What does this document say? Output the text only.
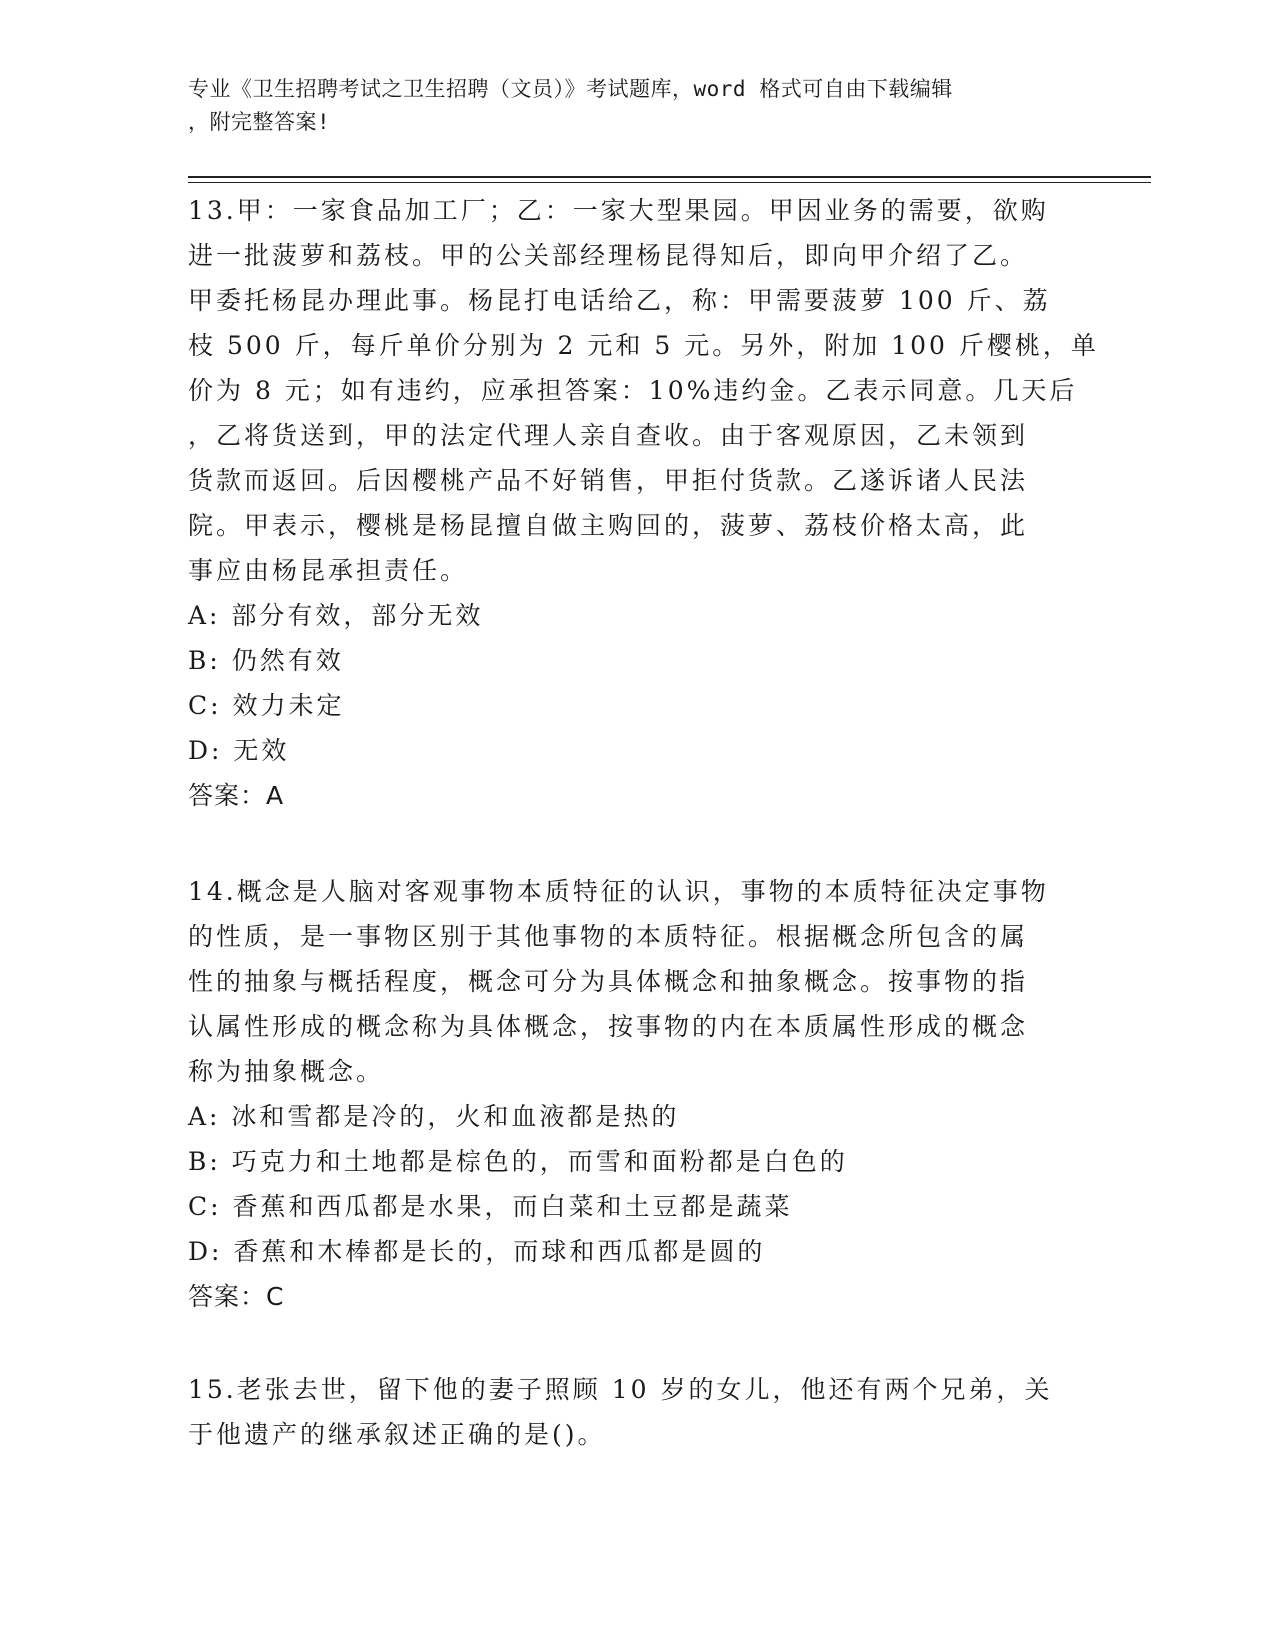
专业《卫生招聘考试之卫生招聘（文员）》考试题库，word 格式可自由下载编辑
，附完整答案!
13.甲：一家食品加工厂；乙：一家大型果园。甲因业务的需要，欲购
进一批菠萝和荔枝。甲的公关部经理杨昆得知后，即向甲介绍了乙。
甲委托杨昆办理此事。杨昆打电话给乙，称：甲需要菠萝 100 斤、荔
枝 500 斤，每斤单价分别为 2 元和 5 元。另外，附加 100 斤樱桃，单
价为 8 元；如有违约，应承担答案：10%违约金。乙表示同意。几天后
，乙将货送到，甲的法定代理人亲自查收。由于客观原因，乙未领到
货款而返回。后因樱桃产品不好销售，甲拒付货款。乙遂诉诸人民法
院。甲表示，樱桃是杨昆擅自做主购回的，菠萝、荔枝价格太高，此
事应由杨昆承担责任。
A: 部分有效，部分无效
B: 仍然有效
C: 效力未定
D: 无效
答案：A
14.概念是人脑对客观事物本质特征的认识，事物的本质特征决定事物
的性质，是一事物区别于其他事物的本质特征。根据概念所包含的属
性的抽象与概括程度，概念可分为具体概念和抽象概念。按事物的指
认属性形成的概念称为具体概念，按事物的内在本质属性形成的概念
称为抽象概念。
A: 冰和雪都是冷的，火和血液都是热的
B: 巧克力和土地都是棕色的，而雪和面粉都是白色的
C: 香蕉和西瓜都是水果，而白菜和土豆都是蔬菜
D: 香蕉和木棒都是长的，而球和西瓜都是圆的
答案：C
15.老张去世，留下他的妻子照顾 10 岁的女儿，他还有两个兄弟，关
于他遗产的继承叙述正确的是()。
